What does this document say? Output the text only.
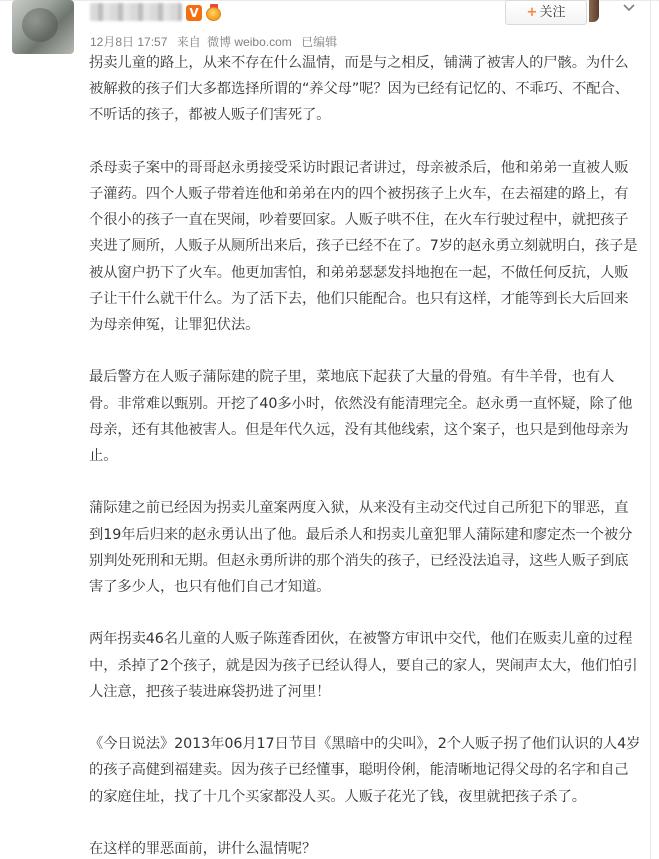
V
12月8日 17:57 来自 微博 weibo.com 已编辑
+ 关注

拐卖儿童的路上，从来不存在什么温情，而是与之相反，铺满了被害人的尸骸。为什么被解救的孩子们大多都选择所谓的“养父母”呢？因为已经有记忆的、不乖巧、不配合、不听话的孩子，都被人贩子们害死了。

杀母卖子案中的哥哥赵永勇接受采访时跟记者讲过，母亲被杀后，他和弟弟一直被人贩子灌药。四个人贩子带着连他和弟弟在内的四个被拐孩子上火车，在去福建的路上，有个很小的孩子一直在哭闹，吵着要回家。人贩子哄不住，在火车行驶过程中，就把孩子夹进了厕所，人贩子从厕所出来后，孩子已经不在了。7岁的赵永勇立刻就明白，孩子是被从窗户扔下了火车。他更加害怕，和弟弟瑟瑟发抖地抱在一起，不做任何反抗，人贩子让干什么就干什么。为了活下去，他们只能配合。也只有这样，才能等到长大后回来为母亲伸冤，让罪犯伏法。

最后警方在人贩子蒲际建的院子里，菜地底下起获了大量的骨殖。有牛羊骨，也有人骨。非常难以甄别。开挖了40多小时，依然没有能清理完全。赵永勇一直怀疑，除了他母亲，还有其他被害人。但是年代久远，没有其他线索，这个案子，也只是到他母亲为止。

蒲际建之前已经因为拐卖儿童案两度入狱，从来没有主动交代过自己所犯下的罪恶，直到19年后归来的赵永勇认出了他。最后杀人和拐卖儿童犯罪人蒲际建和廖定杰一个被分别判处死刑和无期。但赵永勇所讲的那个消失的孩子，已经没法追寻，这些人贩子到底害了多少人，也只有他们自己才知道。

两年拐卖46名儿童的人贩子陈莲香团伙，在被警方审讯中交代，他们在贩卖儿童的过程中，杀掉了2个孩子，就是因为孩子已经认得人，要自己的家人，哭闹声太大，他们怕引人注意，把孩子装进麻袋扔进了河里！

《今日说法》2013年06月17日节目《黑暗中的尖叫》，2个人贩子拐了他们认识的人4岁的孩子高健到福建卖。因为孩子已经懂事，聪明伶俐，能清晰地记得父母的名字和自己的家庭住址，找了十几个买家都没人买。人贩子花光了钱，夜里就把孩子杀了。

在这样的罪恶面前，讲什么温情呢？
